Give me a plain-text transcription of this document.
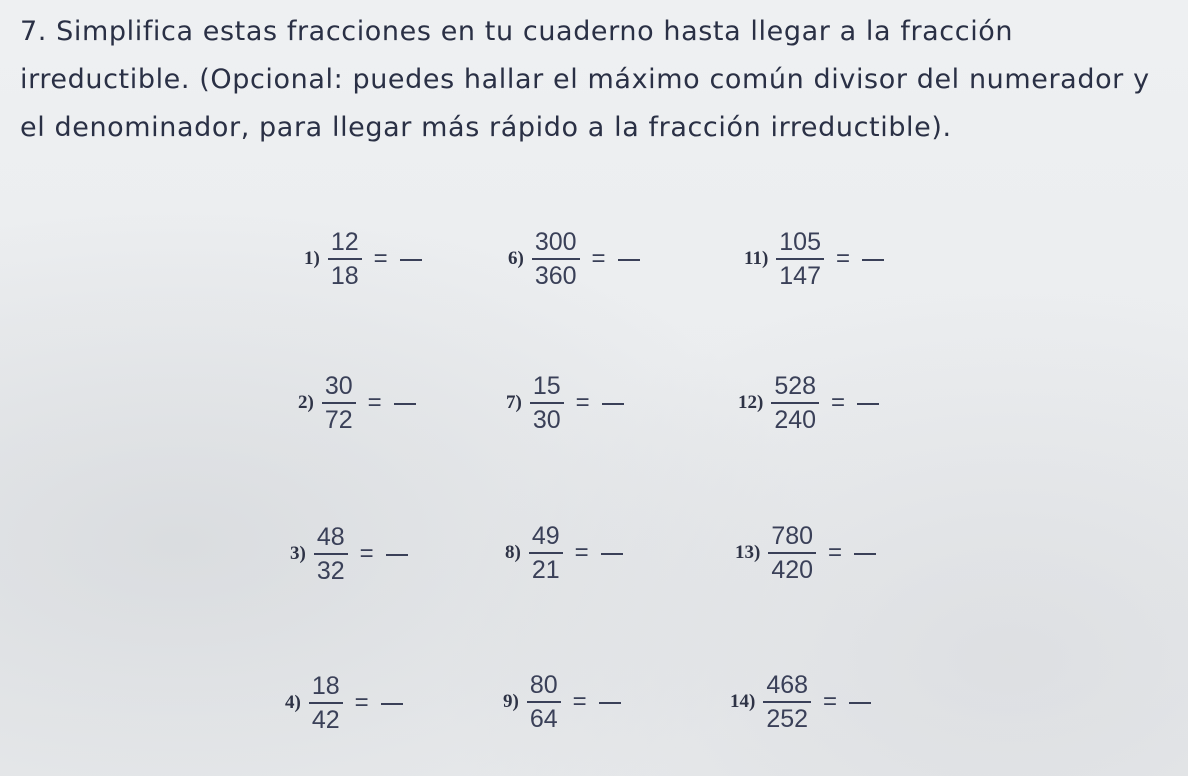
7. Simplifica estas fracciones en tu cuaderno hasta llegar a la fracción irreductible. (Opcional: puedes hallar el máximo común divisor del numerador y el denominador, para llegar más rápido a la fracción irreductible).

$1) \frac{12}{18}$ =
$2) \frac{30}{72}$ =
$3) \frac{48}{32}$ =
$4) \frac{18}{42}$ =
$6) \frac{300}{360}$ =
$7) \frac{15}{30}$ =
$8) \frac{49}{21}$ =
$9) \frac{80}{64}$ =
$11) \frac{105}{147}$ =
$12) \frac{528}{240}$ =
$13) \frac{780}{420}$ =
$14) \frac{468}{252}$ =
